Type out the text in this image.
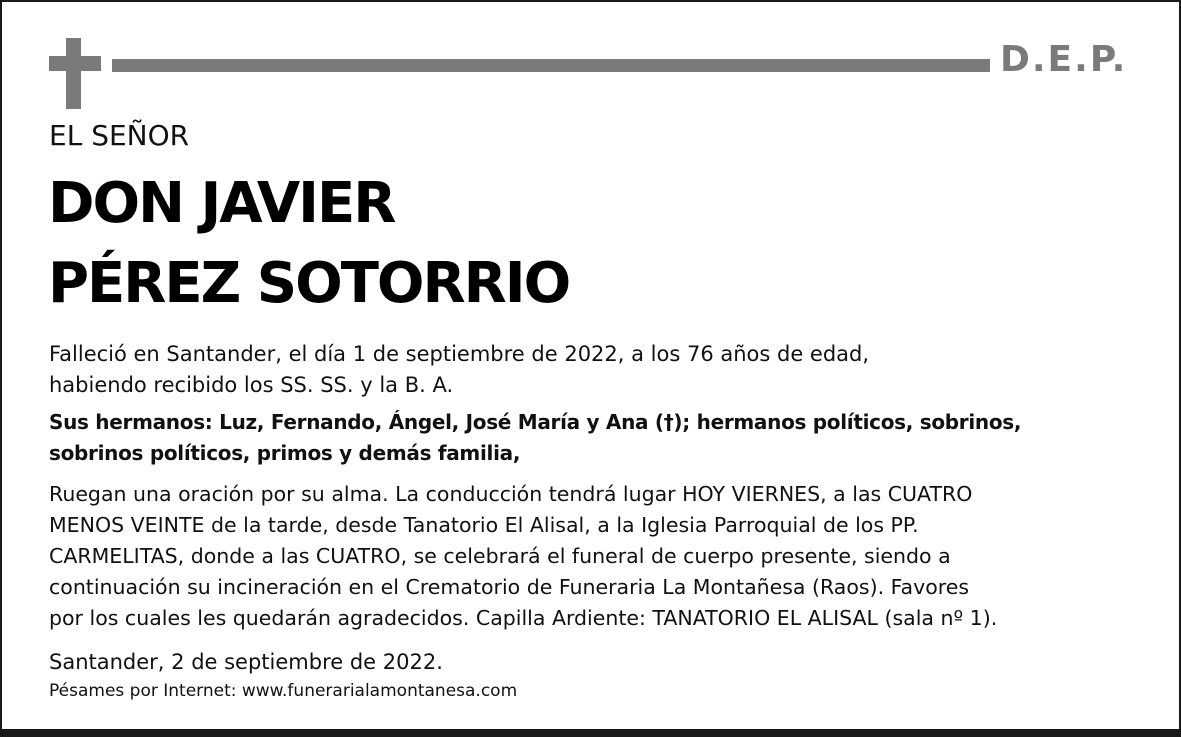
D.E.P.
EL SEÑOR
DON JAVIER
PÉREZ SOTORRIO
Falleció en Santander, el día 1 de septiembre de 2022, a los 76 años de edad,
habiendo recibido los SS. SS. y la B. A.
Sus hermanos: Luz, Fernando, Ángel, José María y Ana (†); hermanos políticos, sobrinos,
sobrinos políticos, primos y demás familia,
Ruegan una oración por su alma. La conducción tendrá lugar HOY VIERNES, a las CUATRO
MENOS VEINTE de la tarde, desde Tanatorio El Alisal, a la Iglesia Parroquial de los PP.
CARMELITAS, donde a las CUATRO, se celebrará el funeral de cuerpo presente, siendo a
continuación su incineración en el Crematorio de Funeraria La Montañesa (Raos). Favores
por los cuales les quedarán agradecidos. Capilla Ardiente: TANATORIO EL ALISAL (sala nº 1).
Santander, 2 de septiembre de 2022.
Pésames por Internet: www.funerarialamontanesa.com
